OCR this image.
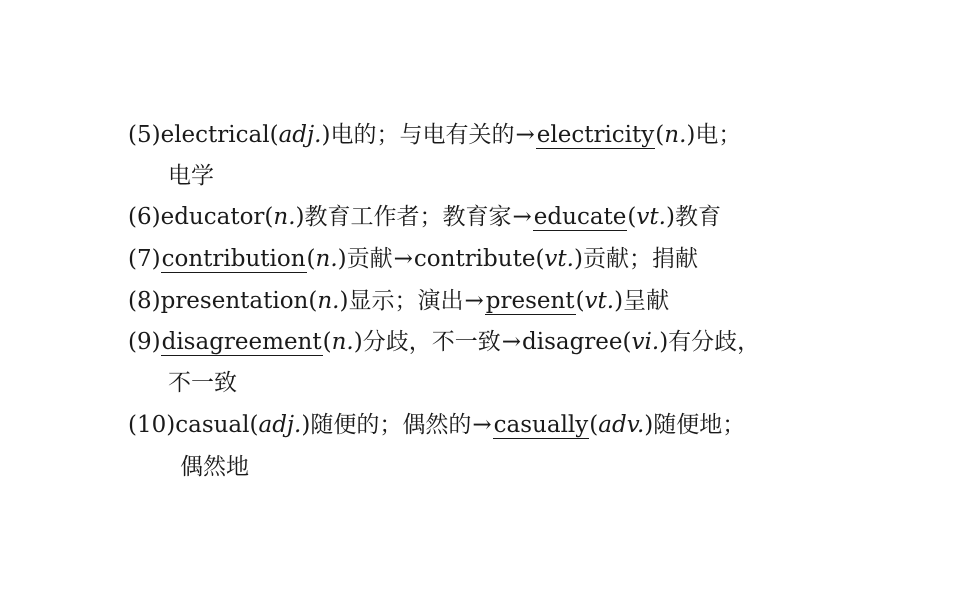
(5)electrical(adj.)电的；与电有关的→electricity(n.)电；
电学
(6)educator(n.)教育工作者；教育家→educate(vt.)教育
(7)contribution(n.)贡献→contribute(vt.)贡献；捐献
(8)presentation(n.)显示；演出→present(vt.)呈献
(9)disagreement(n.)分歧，不一致→disagree(vi.)有分歧，
不一致
(10)casual(adj.)随便的；偶然的→casually(adv.)随便地；
偶然地
